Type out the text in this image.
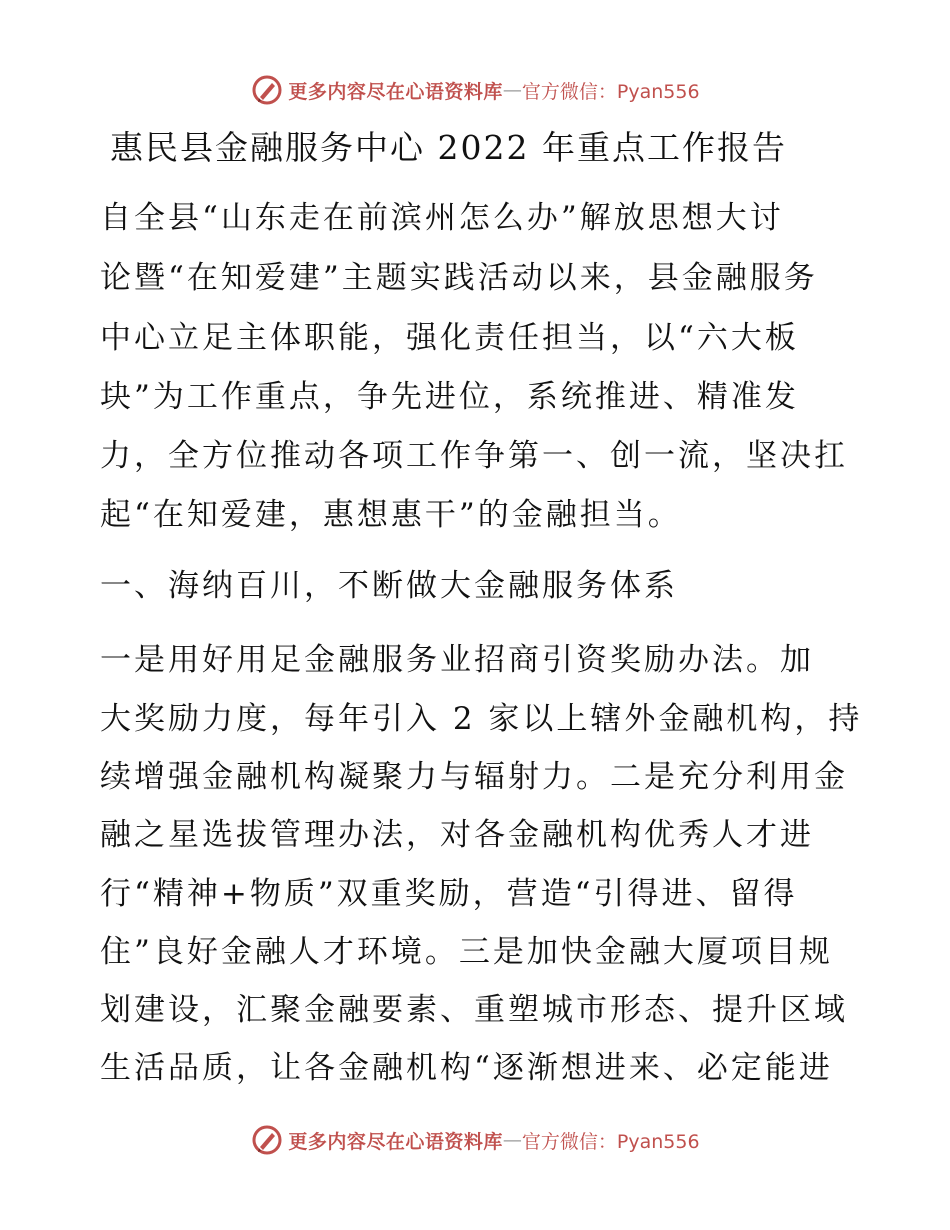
更多内容尽在心语资料库 — 官方微信：Pyan556
惠民县金融服务中心 2022 年重点工作报告
自全县“山东走在前滨州怎么办”解放思想大讨
论暨“在知爱建”主题实践活动以来，县金融服务
中心立足主体职能，强化责任担当，以“六大板
块”为工作重点，争先进位，系统推进、精准发
力，全方位推动各项工作争第一、创一流，坚决扛
起“在知爱建，惠想惠干”的金融担当。
一、海纳百川，不断做大金融服务体系
一是用好用足金融服务业招商引资奖励办法。加
大奖励力度，每年引入 2 家以上辖外金融机构，持
续增强金融机构凝聚力与辐射力。二是充分利用金
融之星选拔管理办法，对各金融机构优秀人才进
行“精神+物质”双重奖励，营造“引得进、留得
住”良好金融人才环境。三是加快金融大厦项目规
划建设，汇聚金融要素、重塑城市形态、提升区域
生活品质，让各金融机构“逐渐想进来、必定能进
更多内容尽在心语资料库 — 官方微信：Pyan556
